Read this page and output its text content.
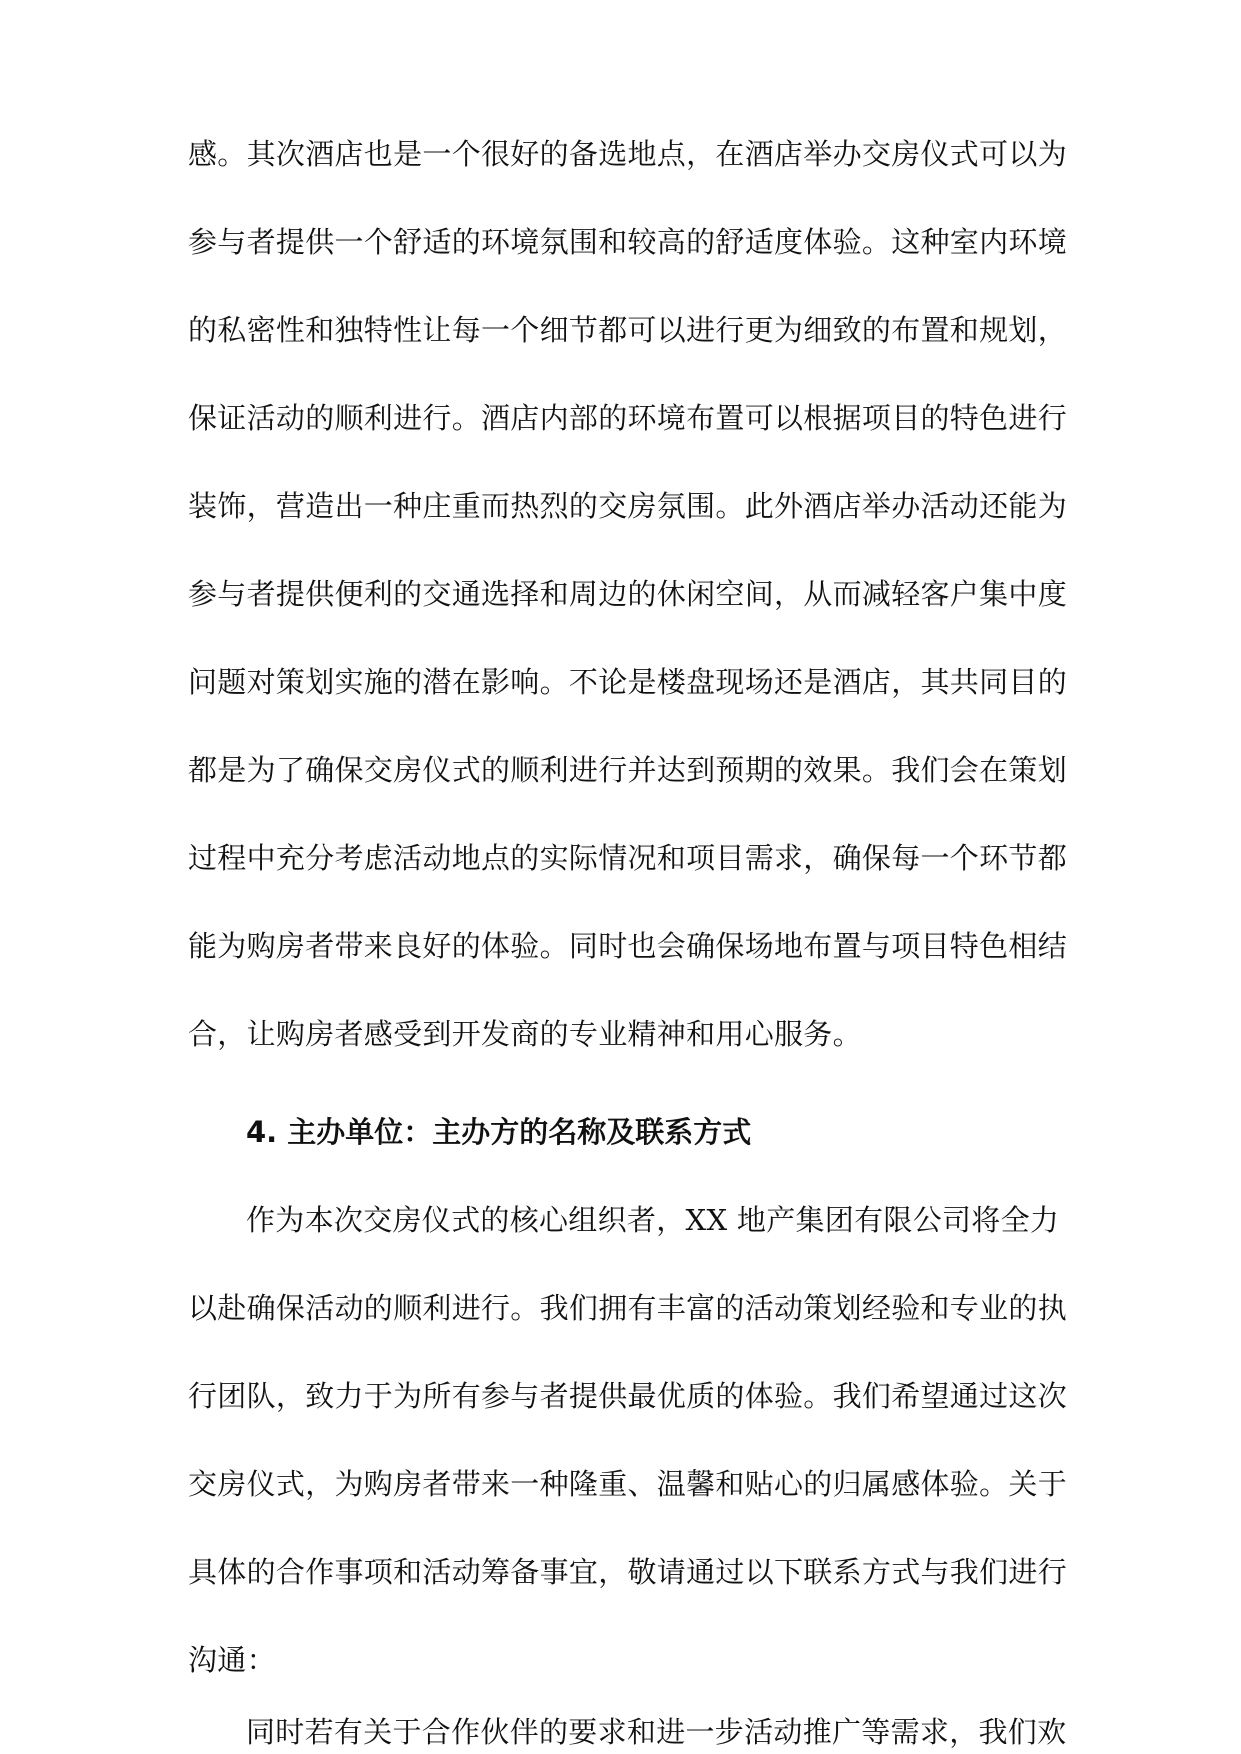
感。其次酒店也是一个很好的备选地点，在酒店举办交房仪式可以为
参与者提供一个舒适的环境氛围和较高的舒适度体验。这种室内环境
的私密性和独特性让每一个细节都可以进行更为细致的布置和规划，
保证活动的顺利进行。酒店内部的环境布置可以根据项目的特色进行
装饰，营造出一种庄重而热烈的交房氛围。此外酒店举办活动还能为
参与者提供便利的交通选择和周边的休闲空间，从而减轻客户集中度
问题对策划实施的潜在影响。不论是楼盘现场还是酒店，其共同目的
都是为了确保交房仪式的顺利进行并达到预期的效果。我们会在策划
过程中充分考虑活动地点的实际情况和项目需求，确保每一个环节都
能为购房者带来良好的体验。同时也会确保场地布置与项目特色相结
合，让购房者感受到开发商的专业精神和用心服务。
4. 主办单位：主办方的名称及联系方式
作为本次交房仪式的核心组织者，XX 地产集团有限公司将全力
以赴确保活动的顺利进行。我们拥有丰富的活动策划经验和专业的执
行团队，致力于为所有参与者提供最优质的体验。我们希望通过这次
交房仪式，为购房者带来一种隆重、温馨和贴心的归属感体验。关于
具体的合作事项和活动筹备事宜，敬请通过以下联系方式与我们进行
沟通：
同时若有关于合作伙伴的要求和进一步活动推广等需求，我们欢
